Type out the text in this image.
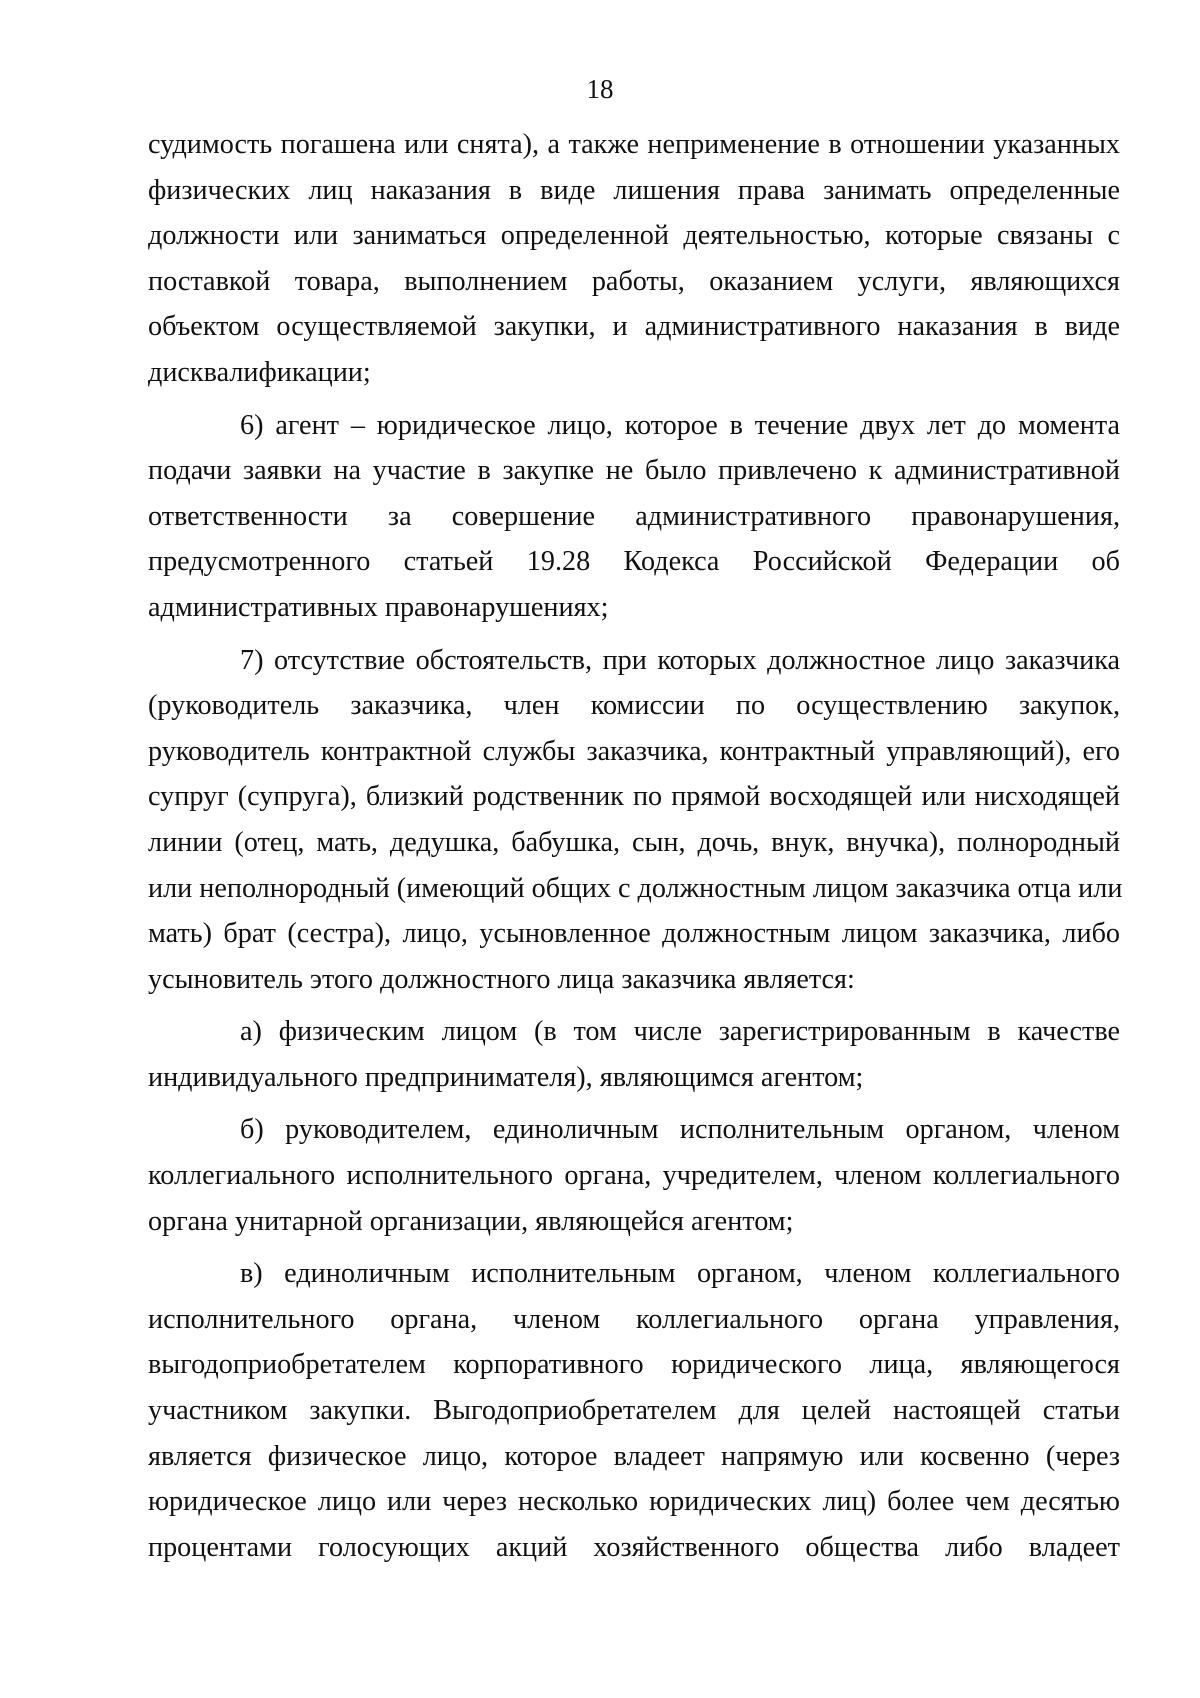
18

судимость погашена или снята), а также неприменение в отношении указанных
физических лиц наказания в виде лишения права занимать определенные
должности или заниматься определенной деятельностью, которые связаны с
поставкой товара, выполнением работы, оказанием услуги, являющихся
объектом осуществляемой закупки, и административного наказания в виде
дисквалификации;

6) агент – юридическое лицо, которое в течение двух лет до момента
подачи заявки на участие в закупке не было привлечено к административной
ответственности за совершение административного правонарушения,
предусмотренного статьей 19.28 Кодекса Российской Федерации об
административных правонарушениях;

7) отсутствие обстоятельств, при которых должностное лицо заказчика
(руководитель заказчика, член комиссии по осуществлению закупок,
руководитель контрактной службы заказчика, контрактный управляющий), его
супруг (супруга), близкий родственник по прямой восходящей или нисходящей
линии (отец, мать, дедушка, бабушка, сын, дочь, внук, внучка), полнородный
или неполнородный (имеющий общих с должностным лицом заказчика отца или
мать) брат (сестра), лицо, усыновленное должностным лицом заказчика, либо
усыновитель этого должностного лица заказчика является:

а) физическим лицом (в том числе зарегистрированным в качестве
индивидуального предпринимателя), являющимся агентом;

б) руководителем, единоличным исполнительным органом, членом
коллегиального исполнительного органа, учредителем, членом коллегиального
органа унитарной организации, являющейся агентом;

в) единоличным исполнительным органом, членом коллегиального
исполнительного органа, членом коллегиального органа управления,
выгодоприобретателем корпоративного юридического лица, являющегося
участником закупки. Выгодоприобретателем для целей настоящей статьи
является физическое лицо, которое владеет напрямую или косвенно (через
юридическое лицо или через несколько юридических лиц) более чем десятью
процентами голосующих акций хозяйственного общества либо владеет
